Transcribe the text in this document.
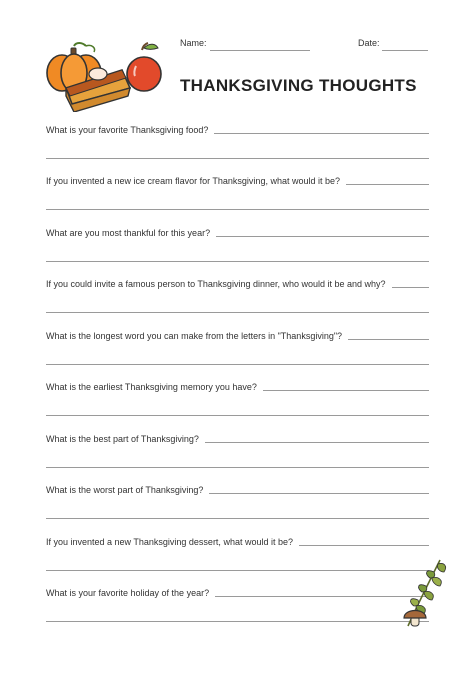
Name:	Date:
THANKSGIVING THOUGHTS
What is your favorite Thanksgiving food?
If you invented a new ice cream flavor for Thanksgiving, what would it be?
What are you most thankful for this year?
If you could invite a famous person to Thanksgiving dinner, who would it be and why?
What is the longest word you can make from the letters in "Thanksgiving"?
What is the earliest Thanksgiving memory you have?
What is the best part of Thanksgiving?
What is the worst part of Thanksgiving?
If you invented a new Thanksgiving dessert, what would it be?
What is your favorite holiday of the year?
